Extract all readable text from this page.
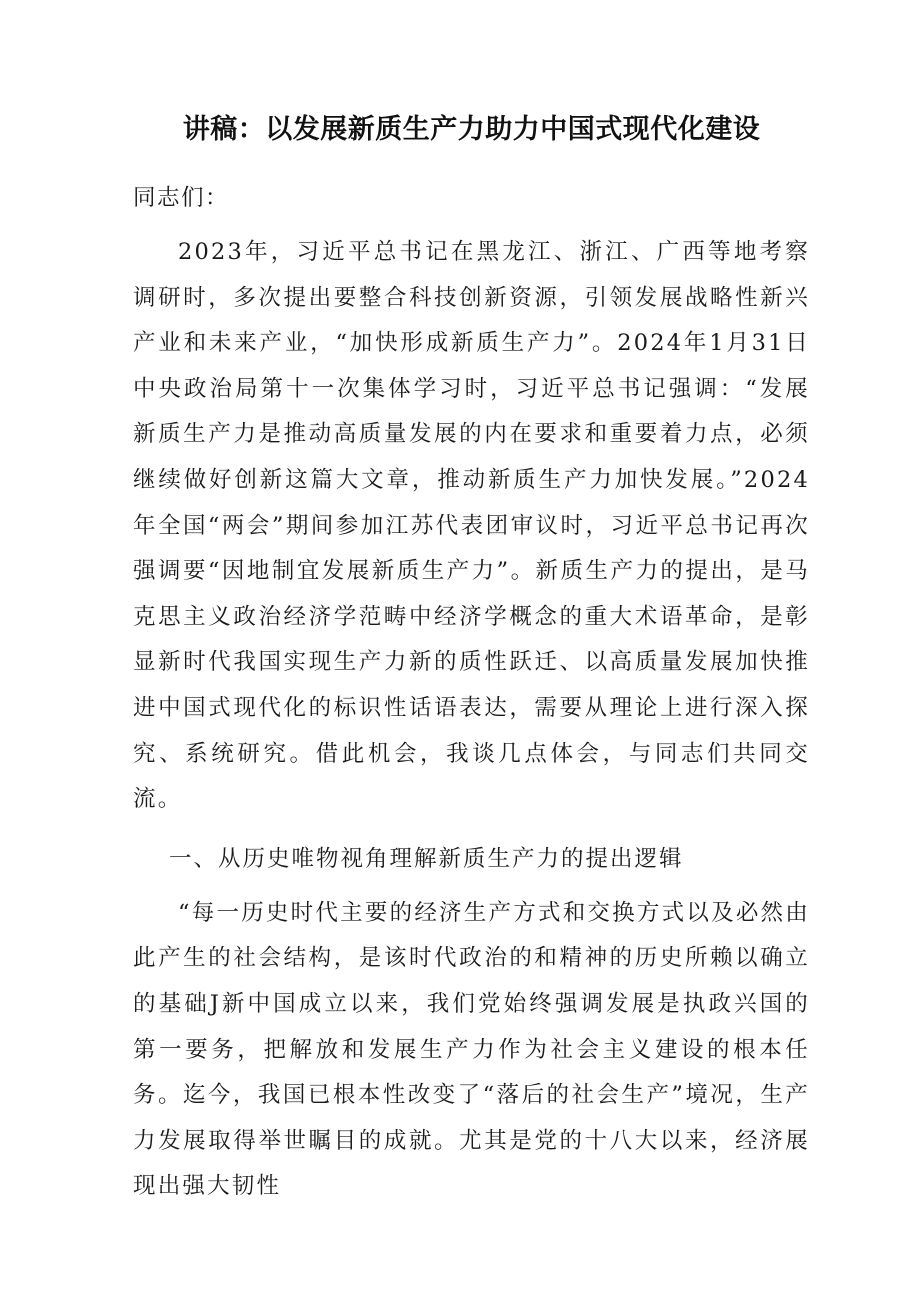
讲稿：以发展新质生产力助力中国式现代化建设

同志们：

2023年，习近平总书记在黑龙江、浙江、广西等地考察调研时，多次提出要整合科技创新资源，引领发展战略性新兴产业和未来产业，“加快形成新质生产力”。2024年1月31日中央政治局第十一次集体学习时，习近平总书记强调：“发展新质生产力是推动高质量发展的内在要求和重要着力点，必须继续做好创新这篇大文章，推动新质生产力加快发展。”2024年全国“两会”期间参加江苏代表团审议时，习近平总书记再次强调要“因地制宜发展新质生产力”。新质生产力的提出，是马克思主义政治经济学范畴中经济学概念的重大术语革命，是彰显新时代我国实现生产力新的质性跃迁、以高质量发展加快推进中国式现代化的标识性话语表达，需要从理论上进行深入探究、系统研究。借此机会，我谈几点体会，与同志们共同交流。

一、从历史唯物视角理解新质生产力的提出逻辑

“每一历史时代主要的经济生产方式和交换方式以及必然由此产生的社会结构，是该时代政治的和精神的历史所赖以确立的基础J新中国成立以来，我们党始终强调发展是执政兴国的第一要务，把解放和发展生产力作为社会主义建设的根本任务。迄今，我国已根本性改变了“落后的社会生产”境况，生产力发展取得举世瞩目的成就。尤其是党的十八大以来，经济展现出强大韧性
